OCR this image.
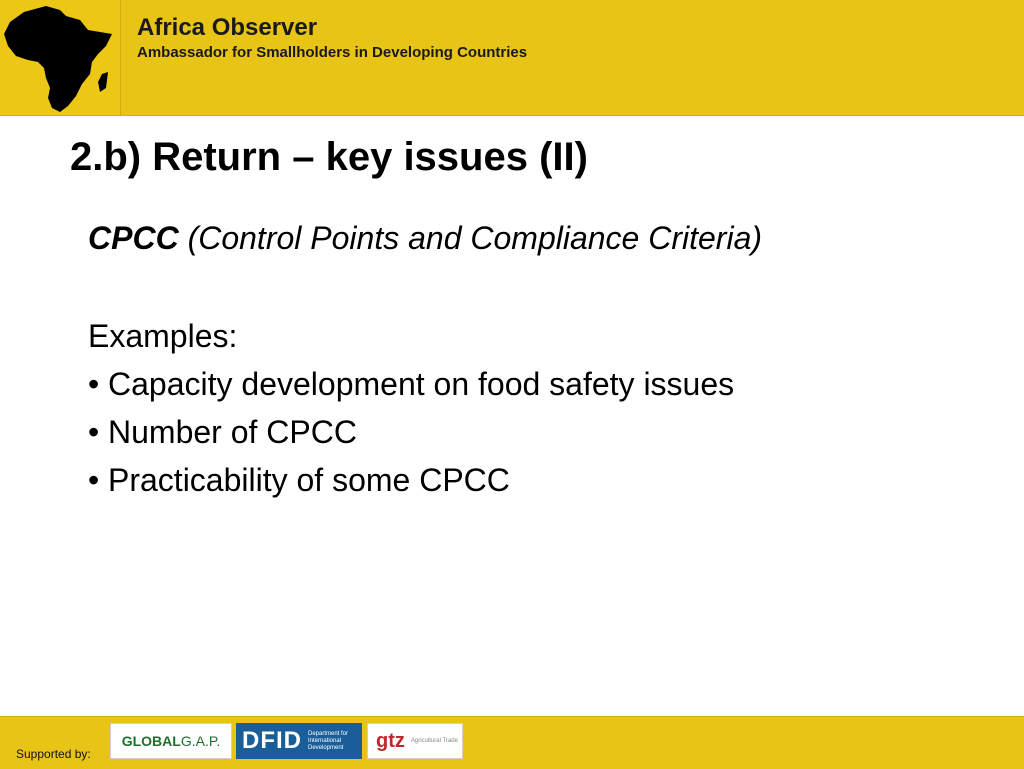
Africa Observer
Ambassador for Smallholders in Developing Countries
2.b) Return – key issues (II)
CPCC (Control Points and Compliance Criteria)
Examples:
• Capacity development on food safety issues
• Number of CPCC
• Practicability of some CPCC
Supported by:
GLOBAL G.A.P. DFID Department for International Development	gtz Agricultural Trade
